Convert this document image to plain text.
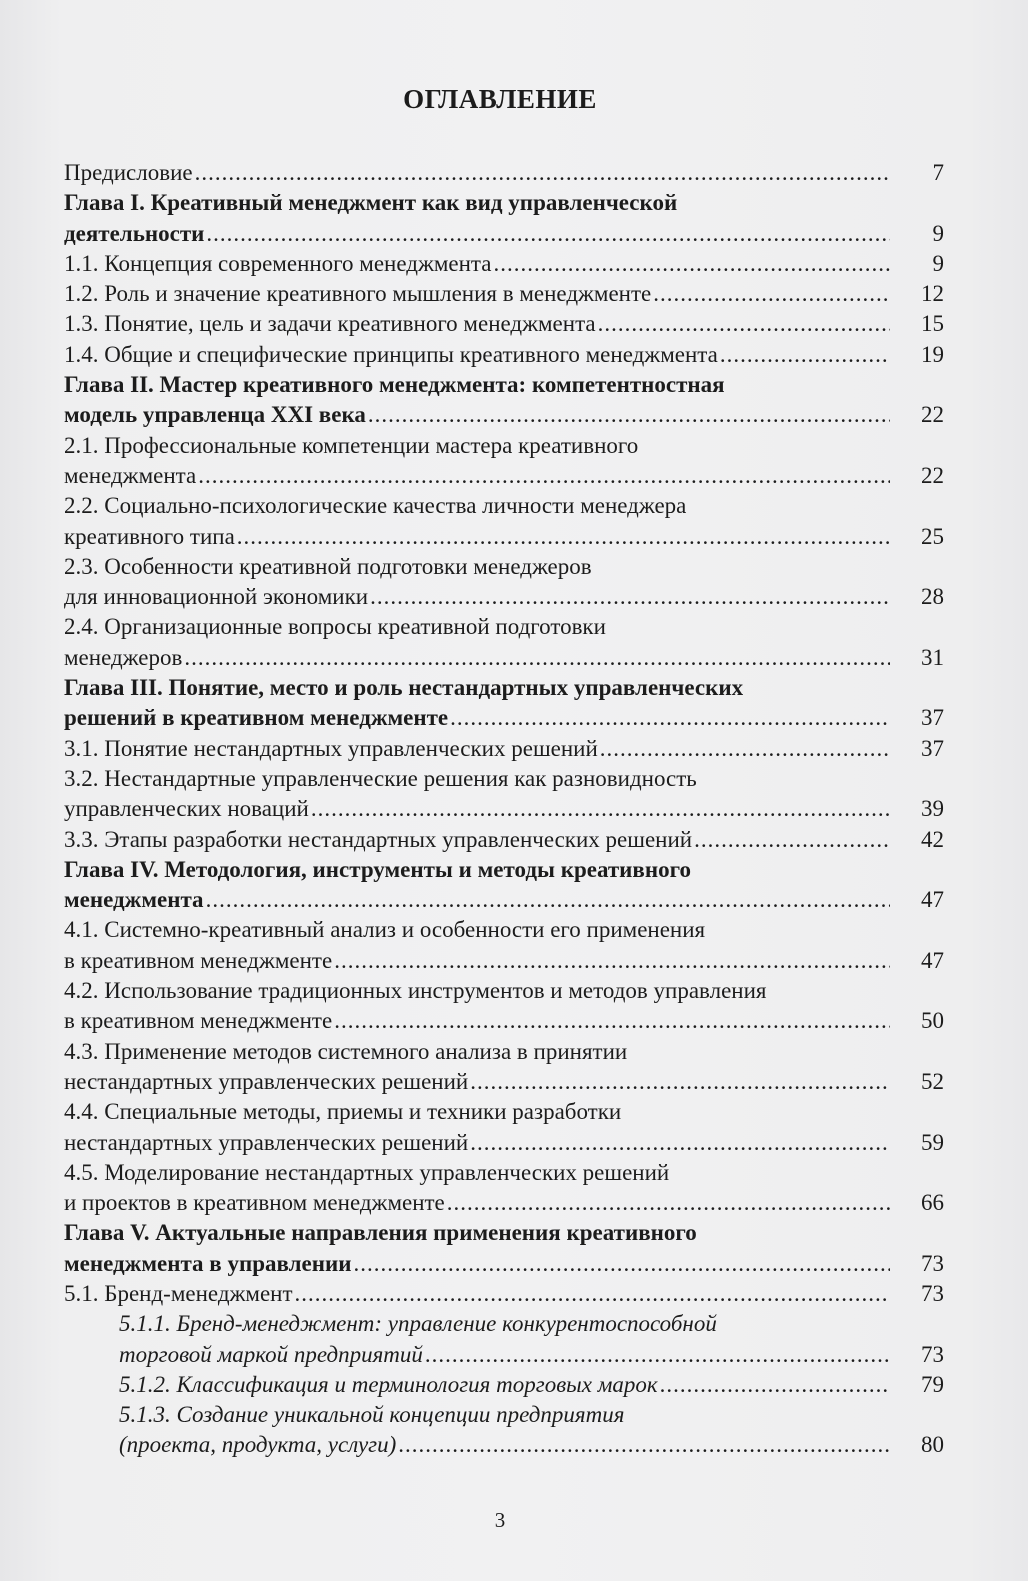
ОГЛАВЛЕНИЕ
Предисловие .....	7
Глава I. Креативный менеджмент как вид управленческой
деятельности .....	9
1.1. Концепция современного менеджмента .....	9
1.2. Роль и значение креативного мышления в менеджменте .....	12
1.3. Понятие, цель и задачи креативного менеджмента .....	15
1.4. Общие и специфические принципы креативного менеджмента .....	19
Глава II. Мастер креативного менеджмента: компетентностная
модель управленца XXI века .....	22
2.1. Профессиональные компетенции мастера креативного
менеджмента .....	22
2.2. Социально-психологические качества личности менеджера
креативного типа .....	25
2.3. Особенности креативной подготовки менеджеров
для инновационной экономики .....	28
2.4. Организационные вопросы креативной подготовки
менеджеров .....	31
Глава III. Понятие, место и роль нестандартных управленческих
решений в креативном менеджменте .....	37
3.1. Понятие нестандартных управленческих решений .....	37
3.2. Нестандартные управленческие решения как разновидность
управленческих новаций .....	39
3.3. Этапы разработки нестандартных управленческих решений .....	42
Глава IV. Методология, инструменты и методы креативного
менеджмента .....	47
4.1. Системно-креативный анализ и особенности его применения
в креативном менеджменте .....	47
4.2. Использование традиционных инструментов и методов управления
в креативном менеджменте .....	50
4.3. Применение методов системного анализа в принятии
нестандартных управленческих решений .....	52
4.4. Специальные методы, приемы и техники разработки
нестандартных управленческих решений .....	59
4.5. Моделирование нестандартных управленческих решений
и проектов в креативном менеджменте .....	66
Глава V. Актуальные направления применения креативного
менеджмента в управлении .....	73
5.1. Бренд-менеджмент .....	73
5.1.1. Бренд-менеджмент: управление конкурентоспособной
торговой маркой предприятий .....	73
5.1.2. Классификация и терминология торговых марок .....	79
5.1.3. Создание уникальной концепции предприятия
(проекта, продукта, услуги) .....	80
3
